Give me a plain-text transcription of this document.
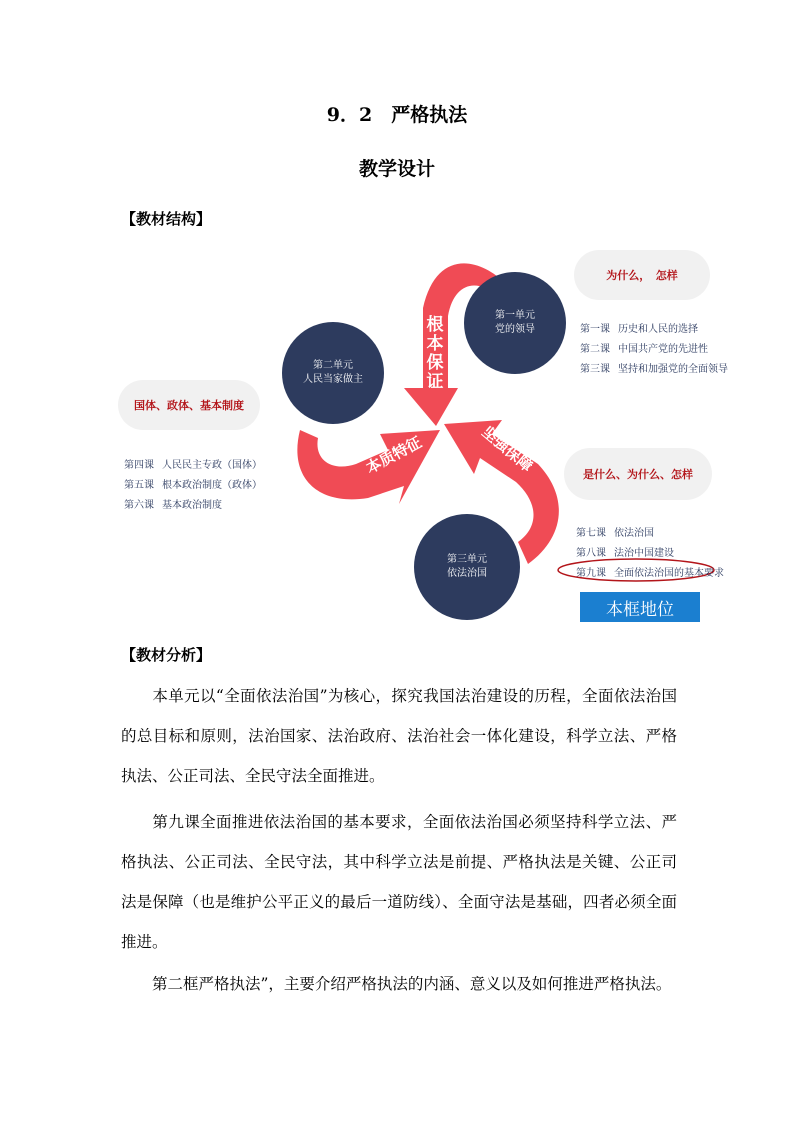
9．2　严格执法
教学设计
【教材结构】
根本保证
本质特征	坚强保障
第一单元
党的领导
第二单元
人民当家做主
第三单元
依法治国
为什么，　怎样
国体、政体、基本制度
是什么、为什么、怎样
第一课 历史和人民的选择
第二课 中国共产党的先进性
第三课 坚持和加强党的全面领导
第四课 人民民主专政（国体）
第五课 根本政治制度（政体）
第六课 基本政治制度
第七课 依法治国
第八课 法治中国建设
第九课 全面依法治国的基本要求
本框地位
【教材分析】
本单元以“全面依法治国”为核心，探究我国法治建设的历程，全面依法治国的总目标和原则，法治国家、法治政府、法治社会一体化建设，科学立法、严格执法、公正司法、全民守法全面推进。
第九课全面推进依法治国的基本要求，全面依法治国必须坚持科学立法、严格执法、公正司法、全民守法，其中科学立法是前提、严格执法是关键、公正司法是保障（也是维护公平正义的最后一道防线）、全面守法是基础，四者必须全面推进。
第二框严格执法”，主要介绍严格执法的内涵、意义以及如何推进严格执法。
